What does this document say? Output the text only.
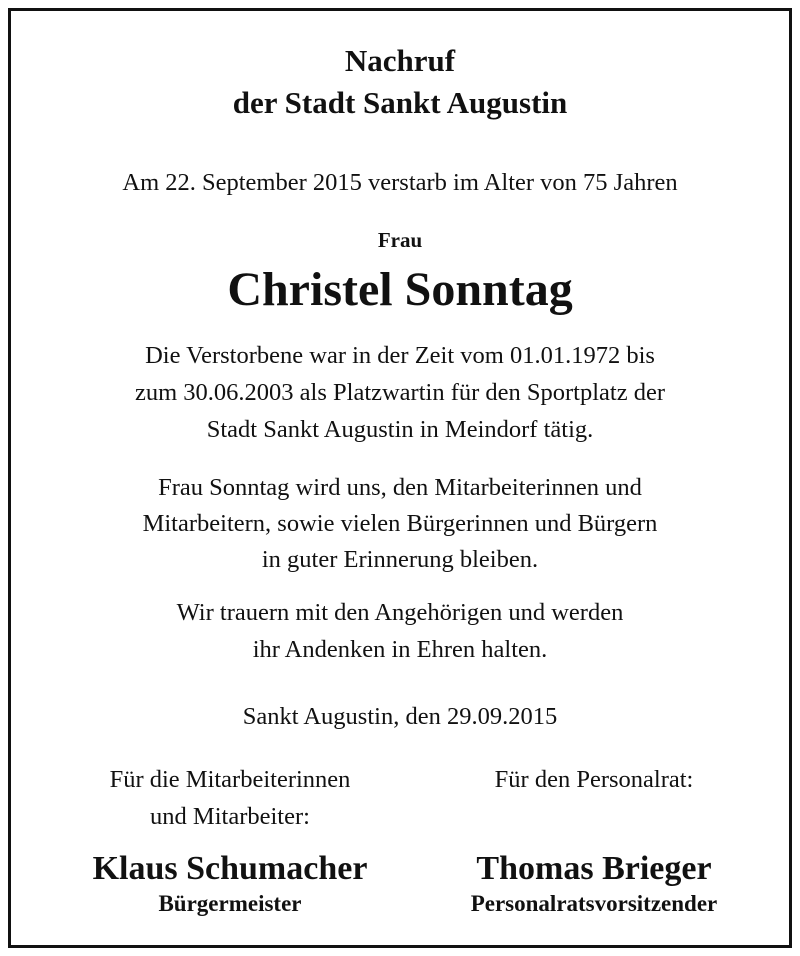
Nachruf
der Stadt Sankt Augustin
Am 22. September 2015 verstarb im Alter von 75 Jahren
Frau
Christel Sonntag
Die Verstorbene war in der Zeit vom 01.01.1972 bis
zum 30.06.2003 als Platzwartin für den Sportplatz der
Stadt Sankt Augustin in Meindorf tätig.
Frau Sonntag wird uns, den Mitarbeiterinnen und
Mitarbeitern, sowie vielen Bürgerinnen und Bürgern
in guter Erinnerung bleiben.
Wir trauern mit den Angehörigen und werden
ihr Andenken in Ehren halten.
Sankt Augustin, den 29.09.2015
Für die Mitarbeiterinnen
und Mitarbeiter:
Für den Personalrat:
Klaus Schumacher	Thomas Brieger
Bürgermeister	Personalratsvorsitzender
